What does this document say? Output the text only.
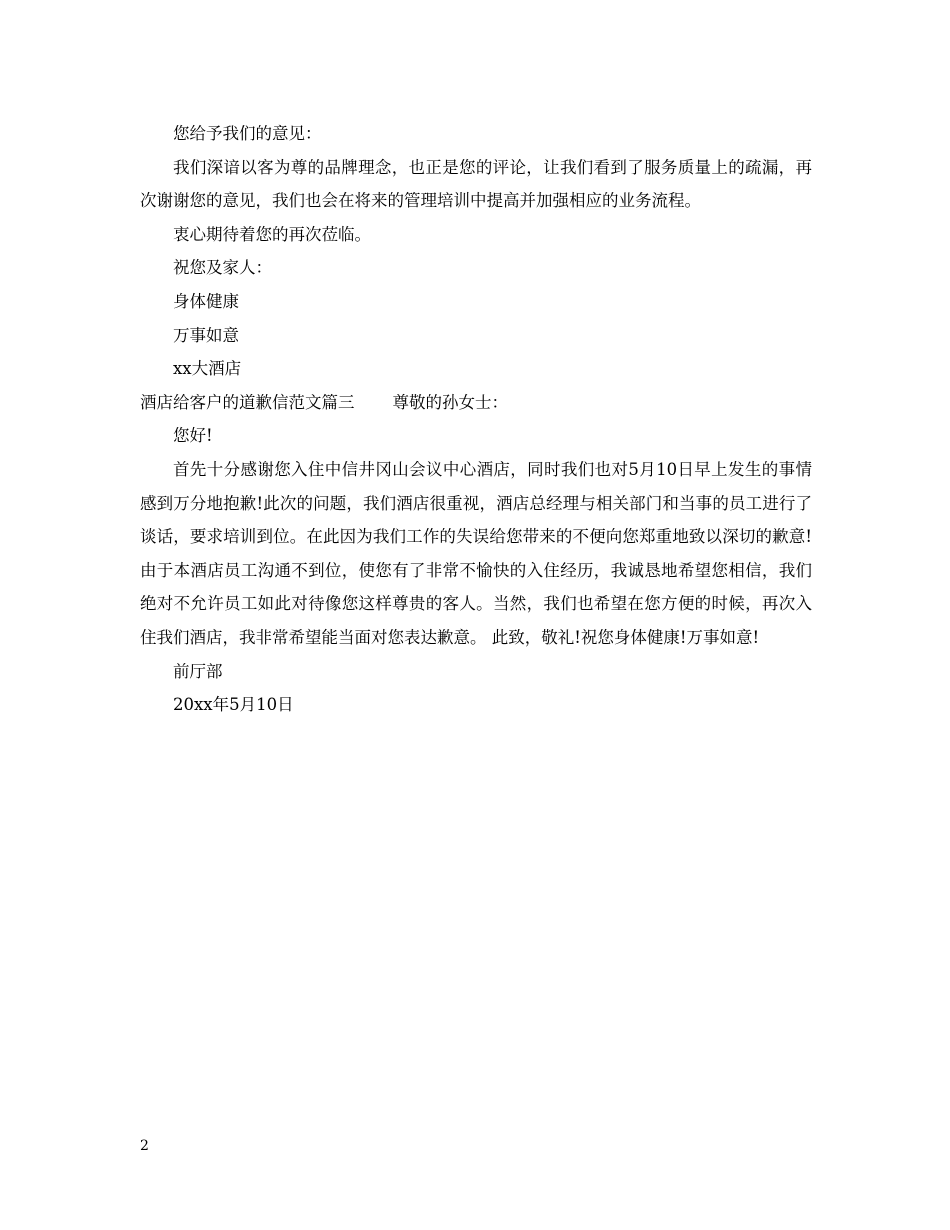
您给予我们的意见：

我们深谙以客为尊的品牌理念，也正是您的评论，让我们看到了服务质量上的疏漏，再次谢谢您的意见，我们也会在将来的管理培训中提高并加强相应的业务流程。

衷心期待着您的再次莅临。

祝您及家人：

身体健康

万事如意

xx大酒店

酒店给客户的道歉信范文篇三 尊敬的孙女士：

您好!

首先十分感谢您入住中信井冈山会议中心酒店，同时我们也对5月10日早上发生的事情感到万分地抱歉!此次的问题，我们酒店很重视，酒店总经理与相关部门和当事的员工进行了谈话，要求培训到位。在此因为我们工作的失误给您带来的不便向您郑重地致以深切的歉意!由于本酒店员工沟通不到位，使您有了非常不愉快的入住经历，我诚恳地希望您相信，我们绝对不允许员工如此对待像您这样尊贵的客人。当然，我们也希望在您方便的时候，再次入住我们酒店，我非常希望能当面对您表达歉意。 此致，敬礼!祝您身体健康!万事如意!

前厅部

20xx年5月10日

2
